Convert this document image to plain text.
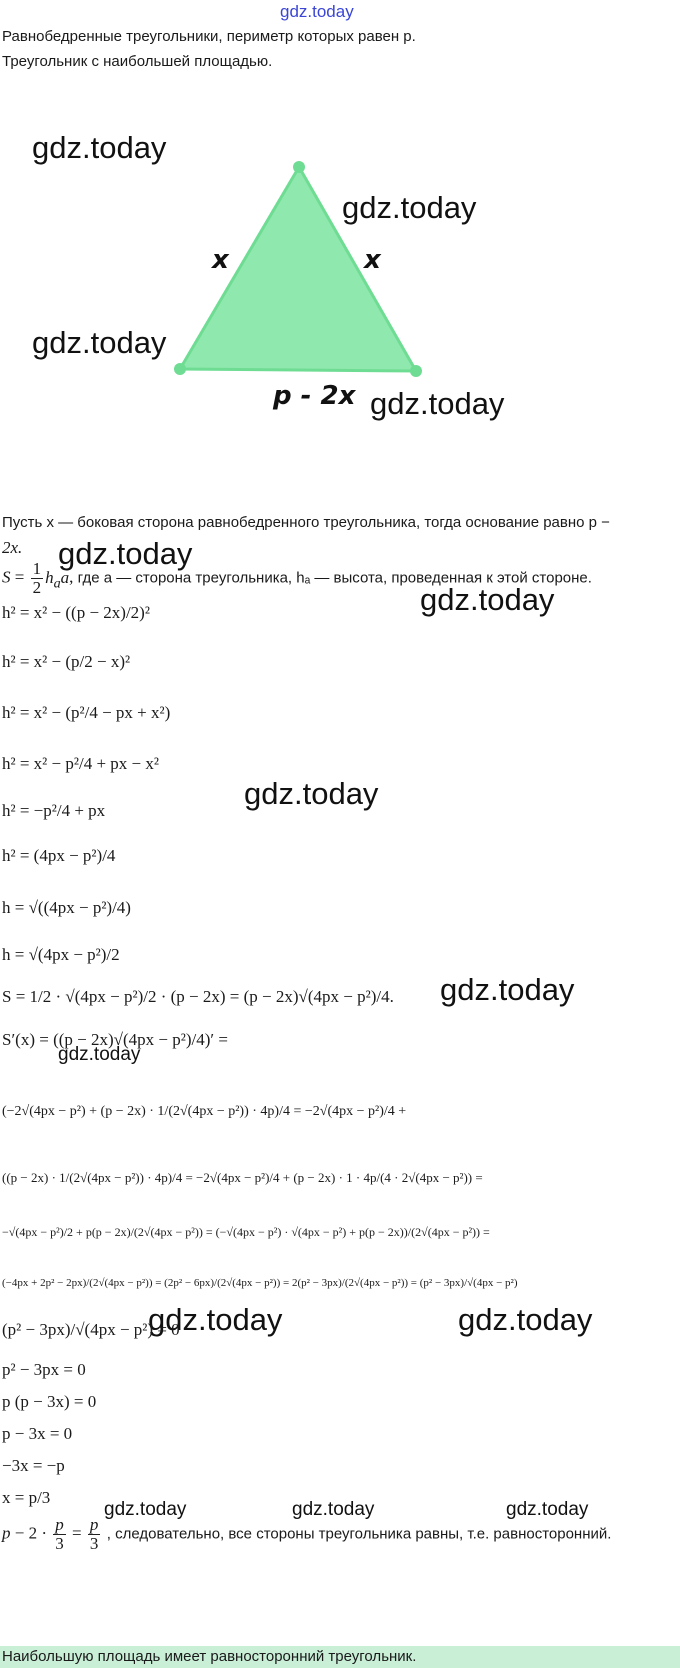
gdz.today
Равнобедренные треугольники, периметр которых равен p.
Треугольник с наибольшей площадью.
x	x
p - 2x
gdz.today
gdz.today
gdz.today
gdz.today
gdz.today
gdz.today
gdz.today
gdz.today
gdz.today
gdz.today	gdz.today
gdz.today	gdz.today	gdz.today
Пусть x — боковая сторона равнобедренного треугольника, тогда основание равно p −
2x.
$S = \frac{1}{2} h_aa$, где a — сторона треугольника, hₐ — высота, проведенная к этой стороне.
h² = x² − ((p − 2x)/2)²
h² = x² − (p/2 − x)²
h² = x² − (p²/4 − px + x²)
h² = x² − p²/4 + px − x²
h² = −p²/4 + px
h² = (4px − p²)/4
h = √((4px − p²)/4)
h = √(4px − p²)/2
S = 1/2 · √(4px − p²)/2 · (p − 2x) = (p − 2x)√(4px − p²)/4.
S′(x) = ((p − 2x)√(4px − p²)/4)′ =
(−2√(4px − p²) + (p − 2x) · 1/(2√(4px − p²)) · 4p)/4 = −2√(4px − p²)/4 +
((p − 2x) · 1/(2√(4px − p²)) · 4p)/4 = −2√(4px − p²)/4 + (p − 2x) · 1 · 4p/(4 · 2√(4px − p²)) =
−√(4px − p²)/2 + p(p − 2x)/(2√(4px − p²)) = (−√(4px − p²) · √(4px − p²) + p(p − 2x))/(2√(4px − p²)) =
(−4px + 2p² − 2px)/(2√(4px − p²)) = (2p² − 6px)/(2√(4px − p²)) = 2(p² − 3px)/(2√(4px − p²)) = (p² − 3px)/√(4px − p²)
(p² − 3px)/√(4px − p²) = 0
p² − 3px = 0
p (p − 3x) = 0
p − 3x = 0
−3x = −p
x = p/3
$p - 2 \cdot \frac{p}{3} = \frac{p}{3}$ , следовательно, все стороны треугольника равны, т.е. равносторонний.
Наибольшую площадь имеет равносторонний треугольник.
